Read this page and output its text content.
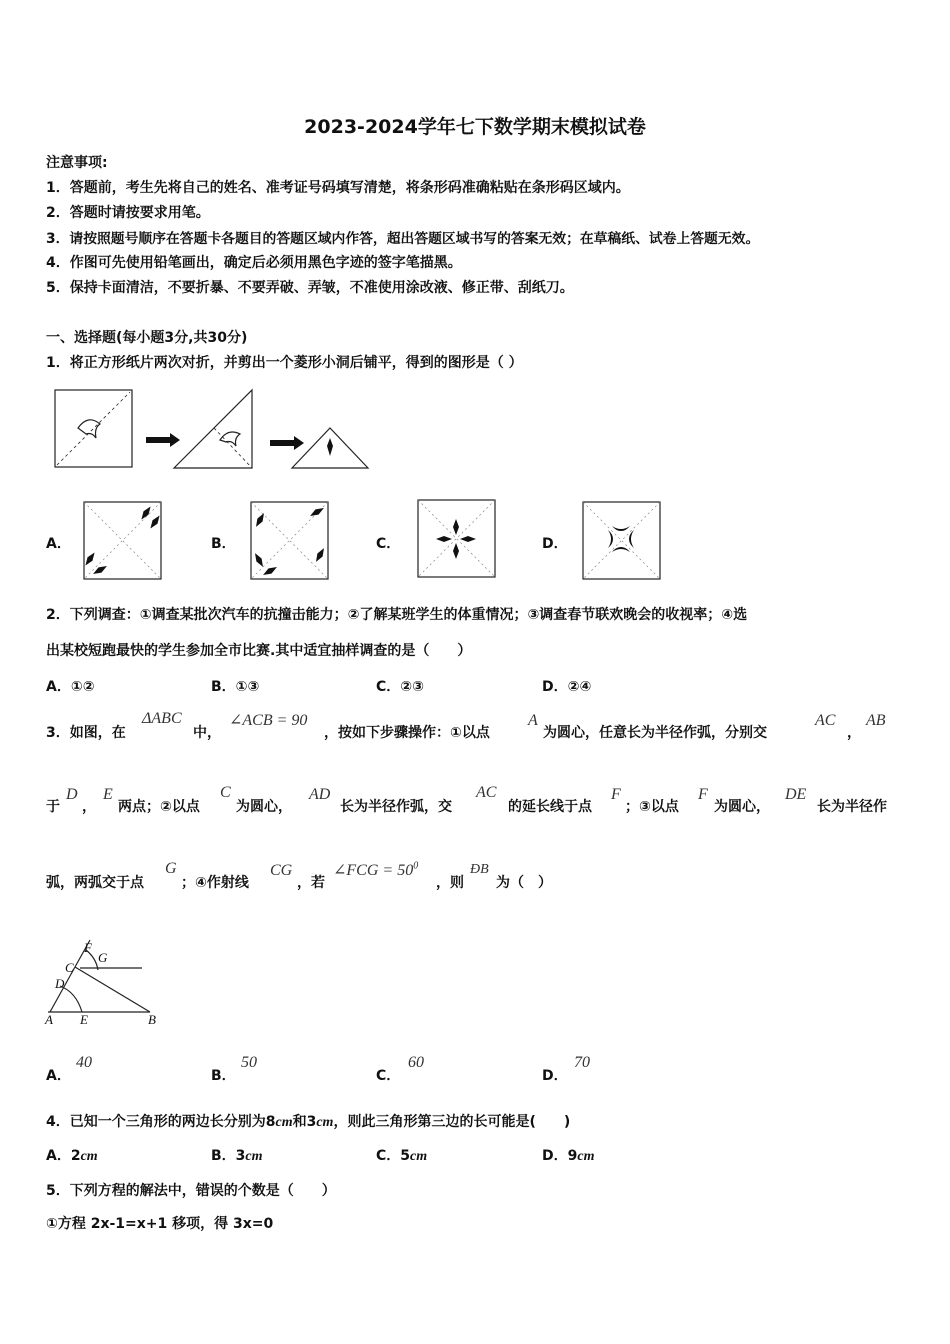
2023-2024学年七下数学期末模拟试卷
注意事项:
1．答题前，考生先将自己的姓名、准考证号码填写清楚，将条形码准确粘贴在条形码区域内。
2．答题时请按要求用笔。
3．请按照题号顺序在答题卡各题目的答题区域内作答，超出答题区域书写的答案无效；在草稿纸、试卷上答题无效。
4．作图可先使用铅笔画出，确定后必须用黑色字迹的签字笔描黑。
5．保持卡面清洁，不要折暴、不要弄破、弄皱，不准使用涂改液、修正带、刮纸刀。
一、选择题(每小题3分,共30分)
1．将正方形纸片两次对折，并剪出一个菱形小洞后铺平，得到的图形是（ ）
A．	B．	C．	D．
2．下列调查：①调查某批次汽车的抗撞击能力；②了解某班学生的体重情况；③调查春节联欢晚会的收视率；④选
出某校短跑最快的学生参加全市比赛.其中适宜抽样调查的是（　　）
A．①②	B．①③	C．②③	D．②④
3．如图，在
ΔABC
中，
∠ACB = 90
，按如下步骤操作：①以点
A
为圆心，任意长为半径作弧，分别交
AC
，
AB
于
D
，
E
两点；②以点
C
为圆心，
AD
长为半径作弧，交
AC
的延长线于点
F
；③以点
F
为圆心，
DE
长为半径作
弧，两弧交于点
G
；④作射线
CG
，若
∠FCG = $50^0$
，则
ÐB
为（　）
F
G
C
D
A E	B
A．
40
B．
50
C．
60
D．
70
4．已知一个三角形的两边长分别为8cm和3cm，则此三角形第三边的长可能是(　　)
A．2cm	B．3cm	C．5cm	D．9cm
5．下列方程的解法中，错误的个数是（　　）
①方程 2x-1=x+1 移项，得 3x=0
